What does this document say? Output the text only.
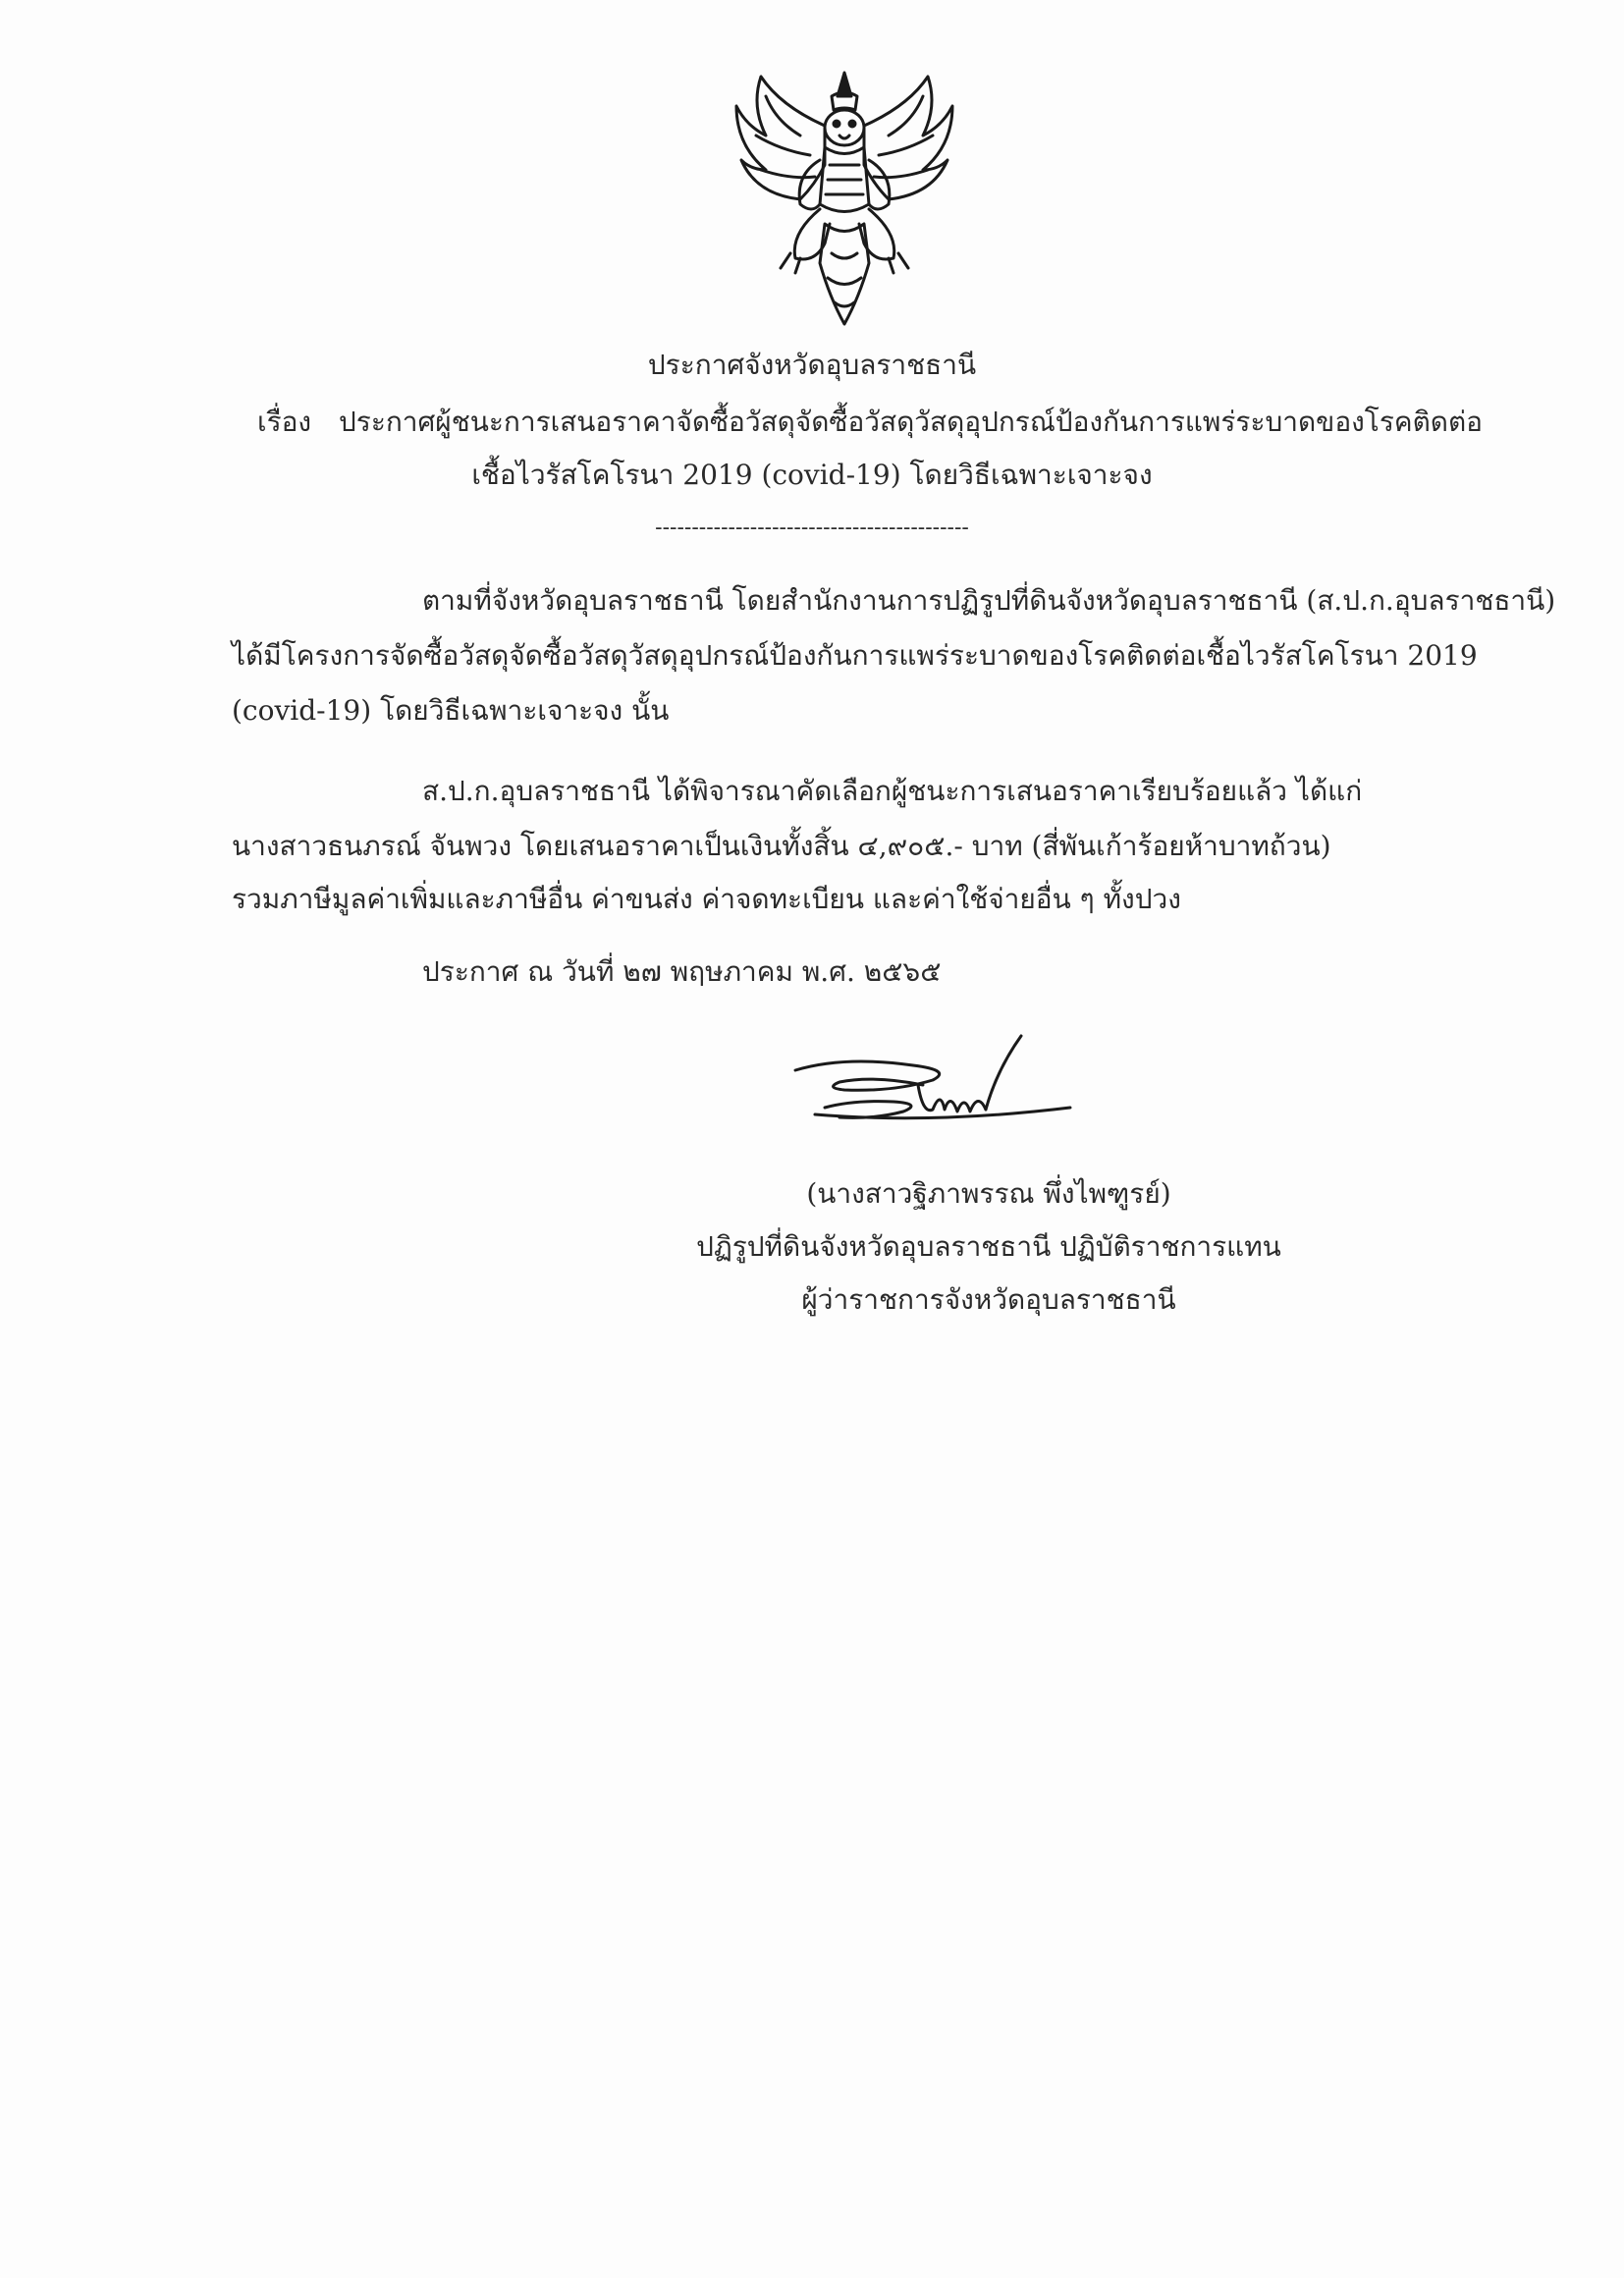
ประกาศจังหวัดอุบลราชธานี
เรื่อง ประกาศผู้ชนะการเสนอราคาจัดซื้อวัสดุจัดซื้อวัสดุวัสดุอุปกรณ์ป้องกันการแพร่ระบาดของโรคติดต่อ
เชื้อไวรัสโคโรนา 2019 (covid-19) โดยวิธีเฉพาะเจาะจง
-------------------------------------------
ตามที่จังหวัดอุบลราชธานี โดยสำนักงานการปฏิรูปที่ดินจังหวัดอุบลราชธานี (ส.ป.ก.อุบลราชธานี)
ได้มีโครงการจัดซื้อวัสดุจัดซื้อวัสดุวัสดุอุปกรณ์ป้องกันการแพร่ระบาดของโรคติดต่อเชื้อไวรัสโคโรนา 2019
(covid-19) โดยวิธีเฉพาะเจาะจง นั้น
ส.ป.ก.อุบลราชธานี ได้พิจารณาคัดเลือกผู้ชนะการเสนอราคาเรียบร้อยแล้ว ได้แก่
นางสาวธนภรณ์ จันพวง โดยเสนอราคาเป็นเงินทั้งสิ้น ๔,๙๐๕.- บาท (สี่พันเก้าร้อยห้าบาทถ้วน)
รวมภาษีมูลค่าเพิ่มและภาษีอื่น ค่าขนส่ง ค่าจดทะเบียน และค่าใช้จ่ายอื่น ๆ ทั้งปวง
ประกาศ ณ วันที่ ๒๗ พฤษภาคม พ.ศ. ๒๕๖๕
(นางสาวฐิภาพรรณ พึ่งไพฑูรย์)
ปฏิรูปที่ดินจังหวัดอุบลราชธานี ปฏิบัติราชการแทน
ผู้ว่าราชการจังหวัดอุบลราชธานี
